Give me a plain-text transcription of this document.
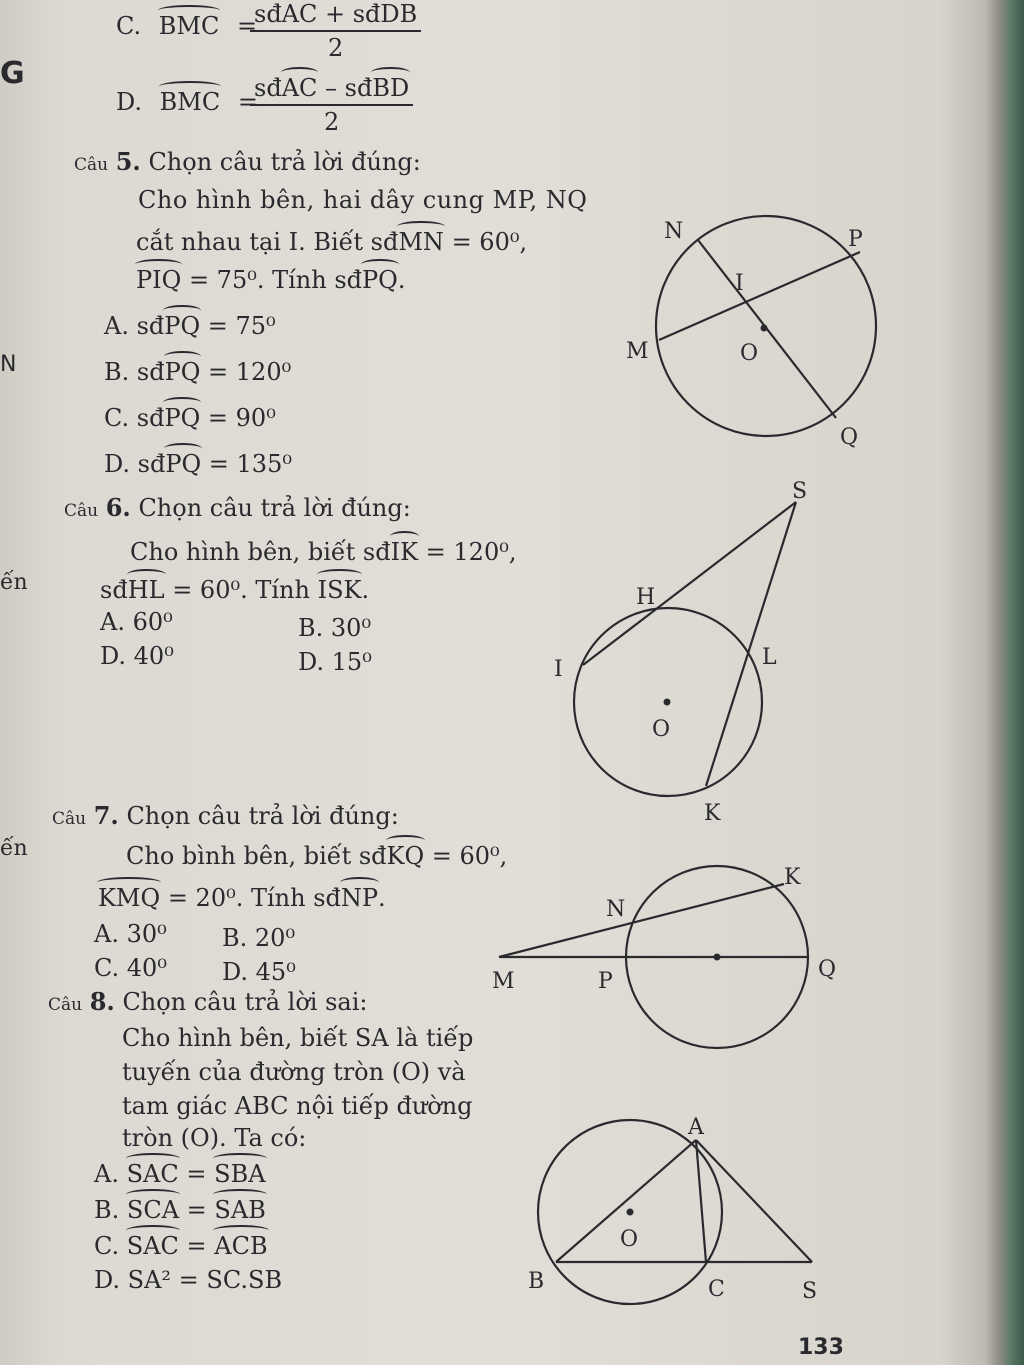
G
N
ến
ến
C. BMC =
sđAC + sđDB
2
D. BMC =
sđAC – sđBD
2
Câu 5. Chọn câu trả lời đúng:
Cho hình bên, hai dây cung MP, NQ
cắt nhau tại I. Biết sđMN = 60⁰,
PIQ = 75⁰. Tính sđPQ.
A. sđPQ = 75⁰
B. sđPQ = 120⁰
C. sđPQ = 90⁰
D. sđPQ = 135⁰
Câu 6. Chọn câu trả lời đúng:
Cho hình bên, biết sđIK = 120⁰,
sđHL = 60⁰. Tính ISK.
A. 60⁰	B. 30⁰
D. 40⁰	D. 15⁰
Câu 7. Chọn câu trả lời đúng:
Cho bình bên, biết sđKQ = 60⁰,
KMQ = 20⁰. Tính sđNP.
A. 30⁰ B. 20⁰
C. 40⁰ D. 45⁰
Câu 8. Chọn câu trả lời sai:
Cho hình bên, biết SA là tiếp
tuyến của đường tròn (O) và
tam giác ABC nội tiếp đường
tròn (O). Ta có:
A. SAC = SBA
B. SCA = SAB
C. SAC = ACB
D. SA² = SC.SB
133
N	P
I
M	O
Q
S
H
I	L
O
K
K
N
M	P	Q
A
O
B	C	S
